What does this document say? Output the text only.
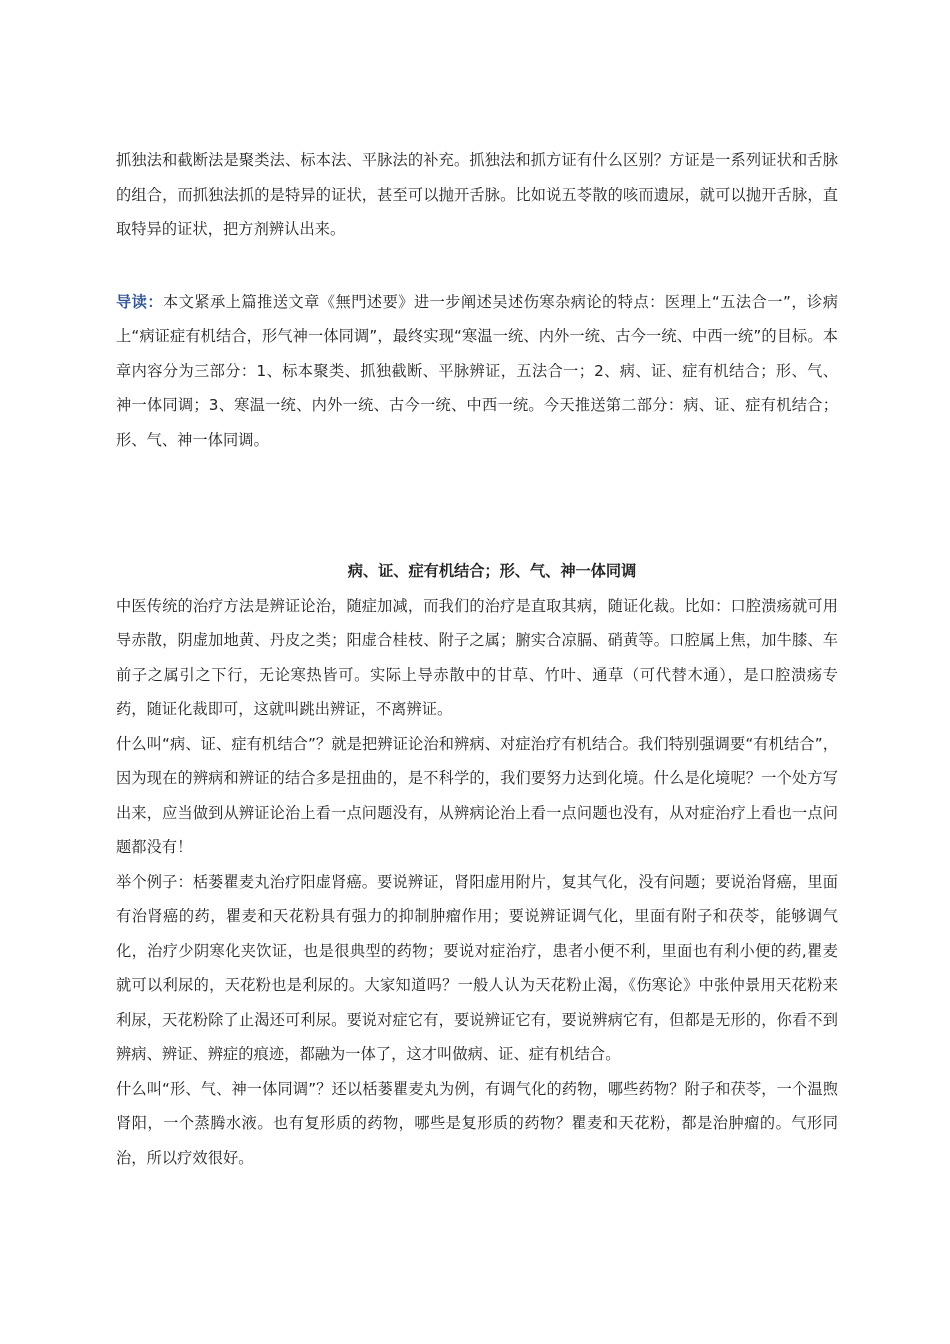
抓独法和截断法是聚类法、标本法、平脉法的补充。抓独法和抓方证有什么区别？方证是一系列证状和舌脉的组合，而抓独法抓的是特异的证状，甚至可以抛开舌脉。比如说五苓散的咳而遗尿，就可以抛开舌脉，直取特异的证状，把方剂辨认出来。

导读：本文紧承上篇推送文章《無門述要》进一步阐述吴述伤寒杂病论的特点：医理上“五法合一”，诊病上“病证症有机结合，形气神一体同调”，最终实现“寒温一统、内外一统、古今一统、中西一统”的目标。本章内容分为三部分：1、标本聚类、抓独截断、平脉辨证，五法合一；2、病、证、症有机结合；形、气、神一体同调；3、寒温一统、内外一统、古今一统、中西一统。今天推送第二部分：病、证、症有机结合；形、气、神一体同调。

病、证、症有机结合；形、气、神一体同调

中医传统的治疗方法是辨证论治，随症加减，而我们的治疗是直取其病，随证化裁。比如：口腔溃疡就可用导赤散，阴虚加地黄、丹皮之类；阳虚合桂枝、附子之属；腑实合凉膈、硝黄等。口腔属上焦，加牛膝、车前子之属引之下行，无论寒热皆可。实际上导赤散中的甘草、竹叶、通草（可代替木通），是口腔溃疡专药，随证化裁即可，这就叫跳出辨证，不离辨证。

什么叫“病、证、症有机结合”？就是把辨证论治和辨病、对症治疗有机结合。我们特别强调要“有机结合”，因为现在的辨病和辨证的结合多是扭曲的，是不科学的，我们要努力达到化境。什么是化境呢？一个处方写出来，应当做到从辨证论治上看一点问题没有，从辨病论治上看一点问题也没有，从对症治疗上看也一点问题都没有！

举个例子：栝蒌瞿麦丸治疗阳虚肾癌。要说辨证，肾阳虚用附片，复其气化，没有问题；要说治肾癌，里面有治肾癌的药，瞿麦和天花粉具有强力的抑制肿瘤作用；要说辨证调气化，里面有附子和茯苓，能够调气化，治疗少阴寒化夹饮证，也是很典型的药物；要说对症治疗，患者小便不利，里面也有利小便的药,瞿麦就可以利尿的，天花粉也是利尿的。大家知道吗？一般人认为天花粉止渴，《伤寒论》中张仲景用天花粉来利尿，天花粉除了止渴还可利尿。要说对症它有，要说辨证它有，要说辨病它有，但都是无形的，你看不到辨病、辨证、辨症的痕迹，都融为一体了，这才叫做病、证、症有机结合。

什么叫“形、气、神一体同调”？还以栝蒌瞿麦丸为例，有调气化的药物，哪些药物？附子和茯苓，一个温煦肾阳，一个蒸腾水液。也有复形质的药物，哪些是复形质的药物？瞿麦和天花粉，都是治肿瘤的。气形同治，所以疗效很好。
